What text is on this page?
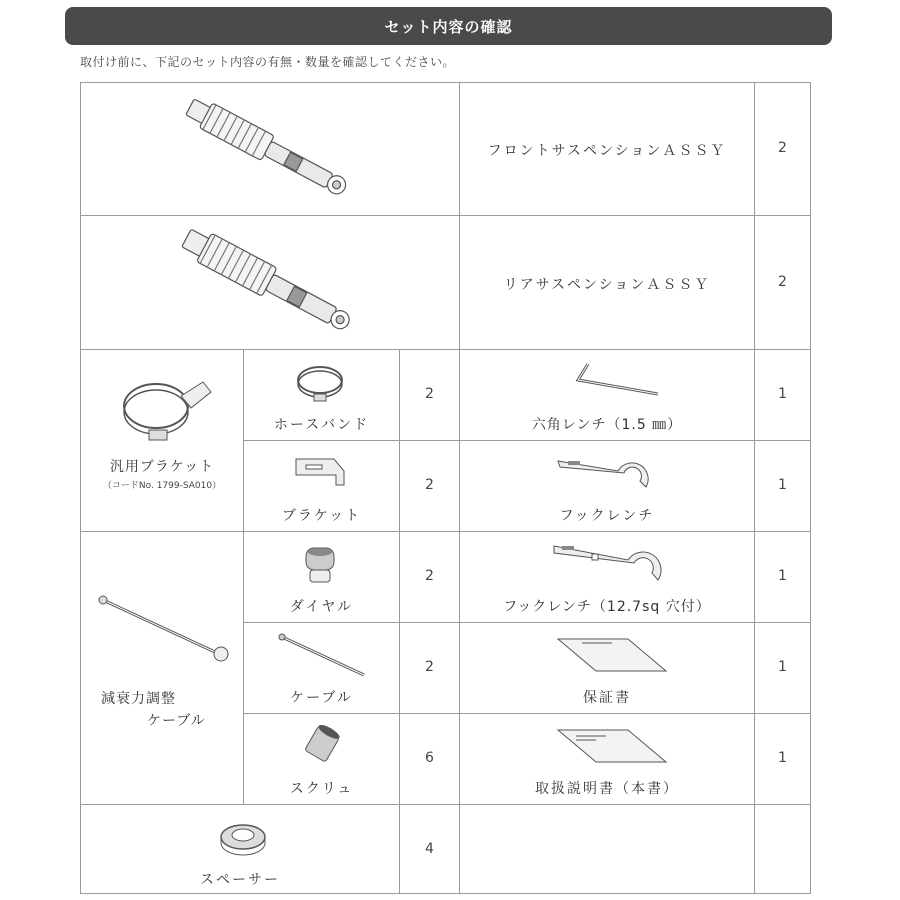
セット内容の確認
取付け前に、下記のセット内容の有無・数量を確認してください。
フロントサスペンションＡＳＳＹ	2
リアサスペンションＡＳＳＹ	2
汎用ブラケット
（コードNo. 1799-SA010）
ホースバンド
ブラケット
2
2
減衰力調整
ケーブル
ダイヤル
ケーブル
スクリュ
2
2
6
スペーサー
4
六角レンチ（1.5 ㎜）
フックレンチ
フックレンチ（12.7sq 穴付）
保証書
取扱説明書（本書）
1
1
1
1
1
